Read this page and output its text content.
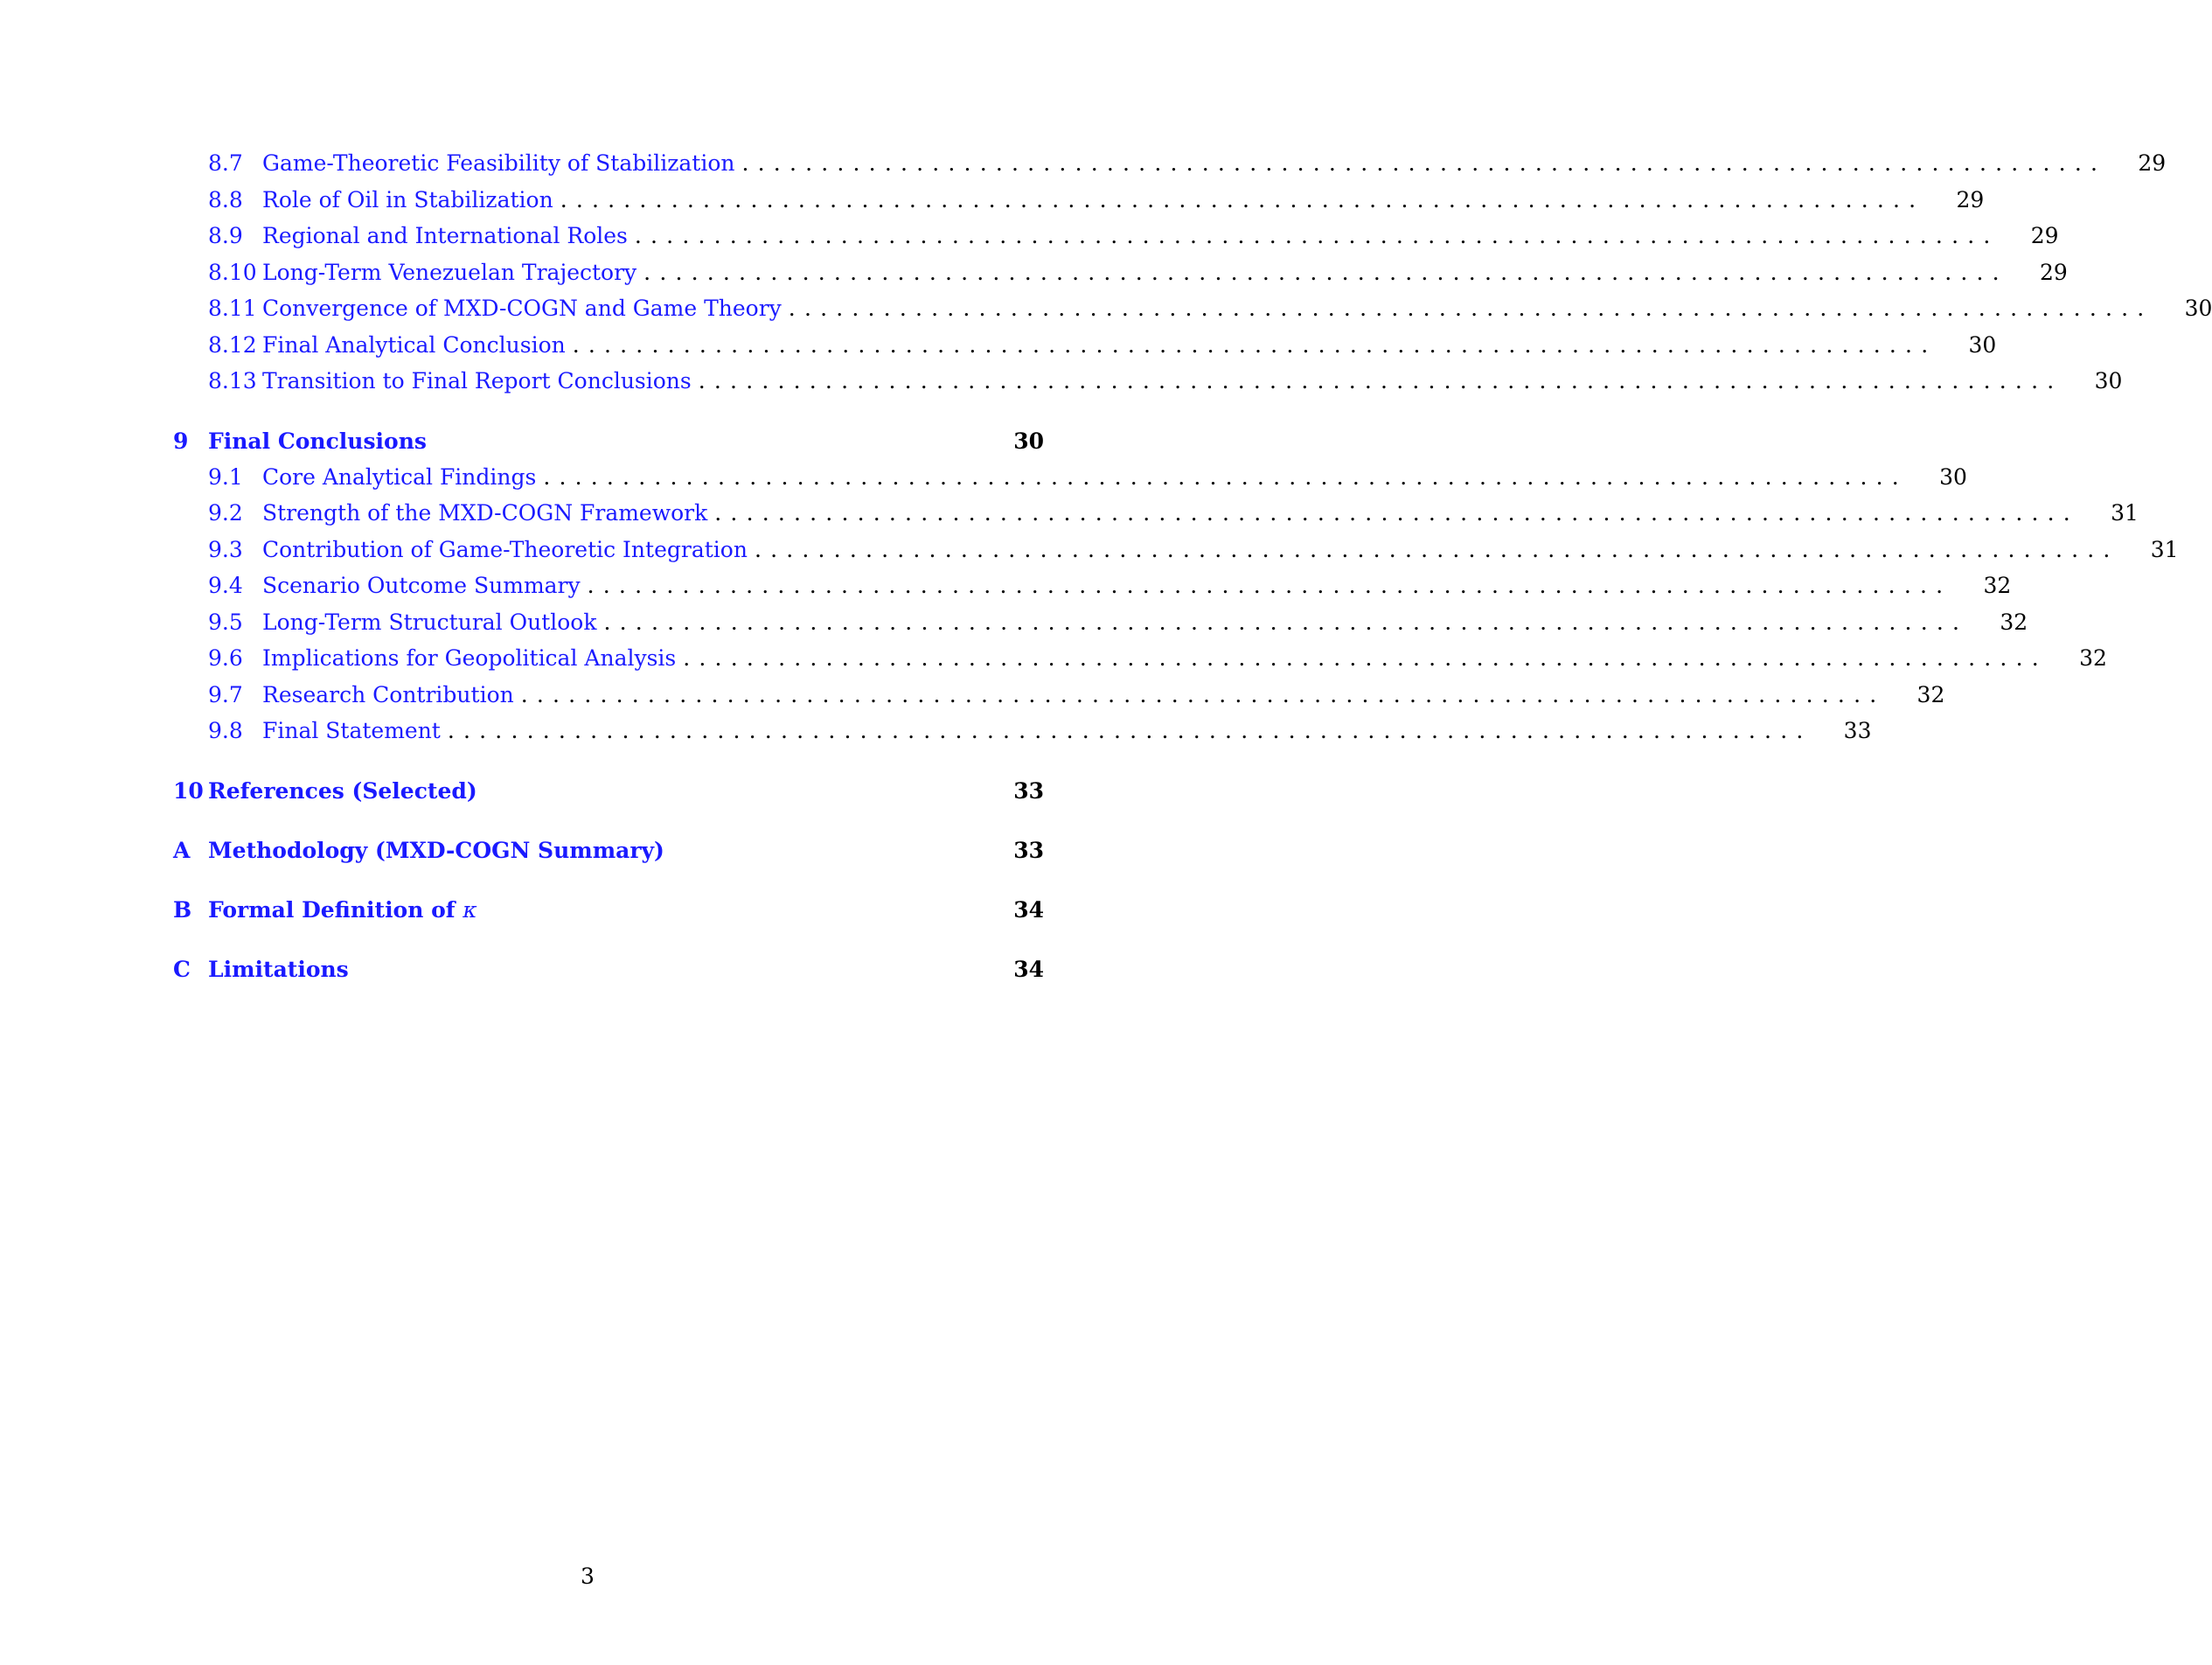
8.7 Game-Theoretic Feasibility of Stabilization ......................................................................................	29
8.8 Role of Oil in Stabilization ......................................................................................	29
8.9 Regional and International Roles ......................................................................................	29
8.10 Long-Term Venezuelan Trajectory ......................................................................................	29
8.11 Convergence of MXD-COGN and Game Theory ......................................................................................	30
8.12 Final Analytical Conclusion ......................................................................................	30
8.13 Transition to Final Report Conclusions ......................................................................................	30
9 Final Conclusions	30
9.1 Core Analytical Findings ......................................................................................	30
9.2 Strength of the MXD-COGN Framework ......................................................................................	31
9.3 Contribution of Game-Theoretic Integration ......................................................................................	31
9.4 Scenario Outcome Summary ......................................................................................	32
9.5 Long-Term Structural Outlook ......................................................................................	32
9.6 Implications for Geopolitical Analysis ......................................................................................	32
9.7 Research Contribution ......................................................................................	32
9.8 Final Statement ......................................................................................	33
10 References (Selected)	33
A Methodology (MXD-COGN Summary)	33
B Formal Definition of κ	34
C Limitations	34
3
